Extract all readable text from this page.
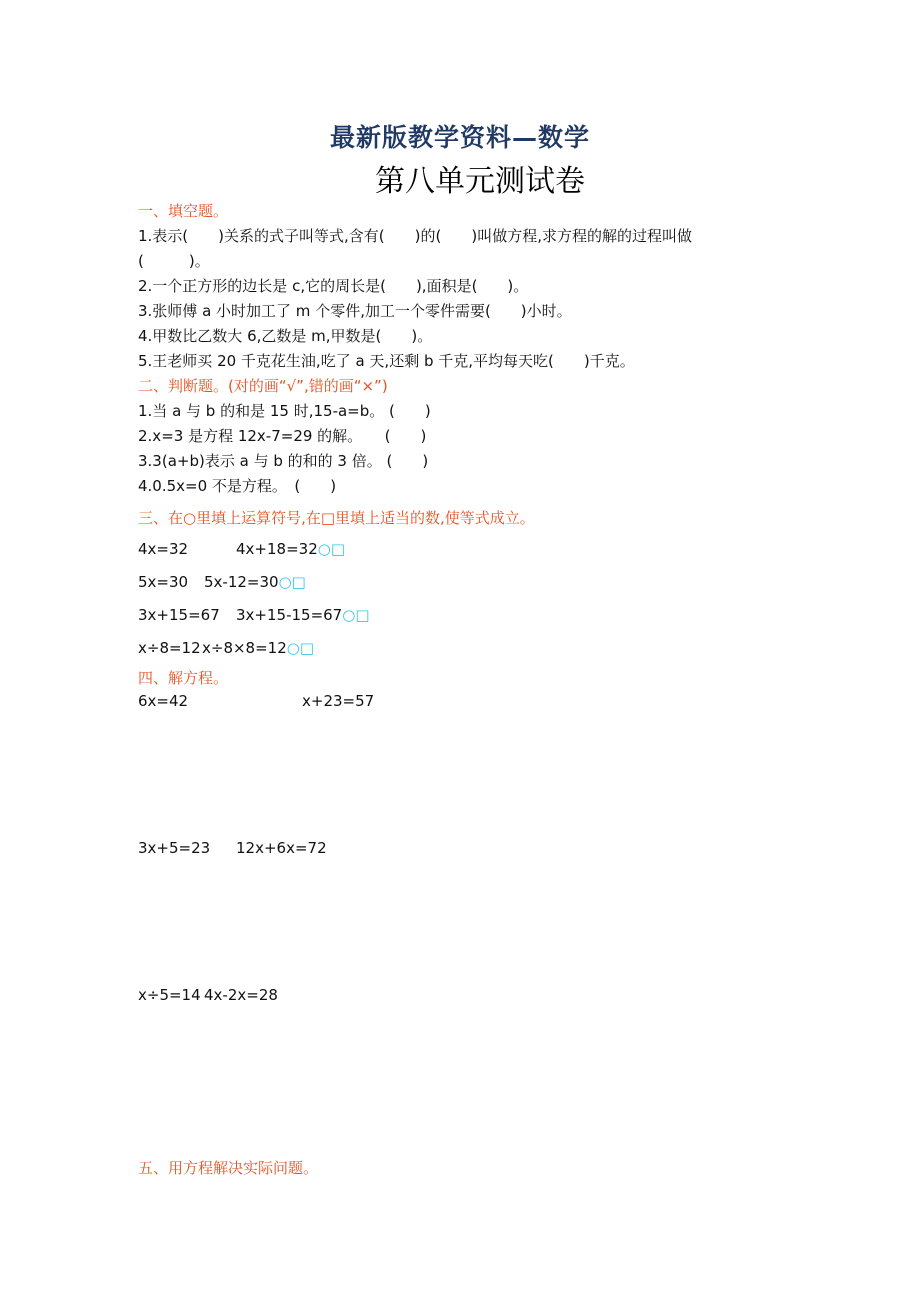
最新版教学资料—数学
第八单元测试卷
一、填空题。
1.表示(　　)关系的式子叫等式,含有(　　)的(　　)叫做方程,求方程的解的过程叫做
(　　　)。
2.一个正方形的边长是 c,它的周长是(　　),面积是(　　)。
3.张师傅 a 小时加工了 m 个零件,加工一个零件需要(　　)小时。
4.甲数比乙数大 6,乙数是 m,甲数是(　　)。
5.王老师买 20 千克花生油,吃了 a 天,还剩 b 千克,平均每天吃(　　)千克。
二、判断题。(对的画“√”,错的画“×”)
1.当 a 与 b 的和是 15 时,15-a=b。 (　　)
2.x=3 是方程 12x-7=29 的解。　　(　　)
3.3(a+b)表示 a 与 b 的和的 3 倍。 (　　)
4.0.5x=0 不是方程。　(　　)
三、在○里填上运算符号,在□里填上适当的数,使等式成立。
4x=32	4x+18=32○□
5x=30 5x-12=30○□
3x+15=67 3x+15-15=67○□
x÷8=12 x÷8×8=12○□
四、解方程。
6x=42	x+23=57
3x+5=23 12x+6x=72
x÷5=14 4x-2x=28
五、用方程解决实际问题。
